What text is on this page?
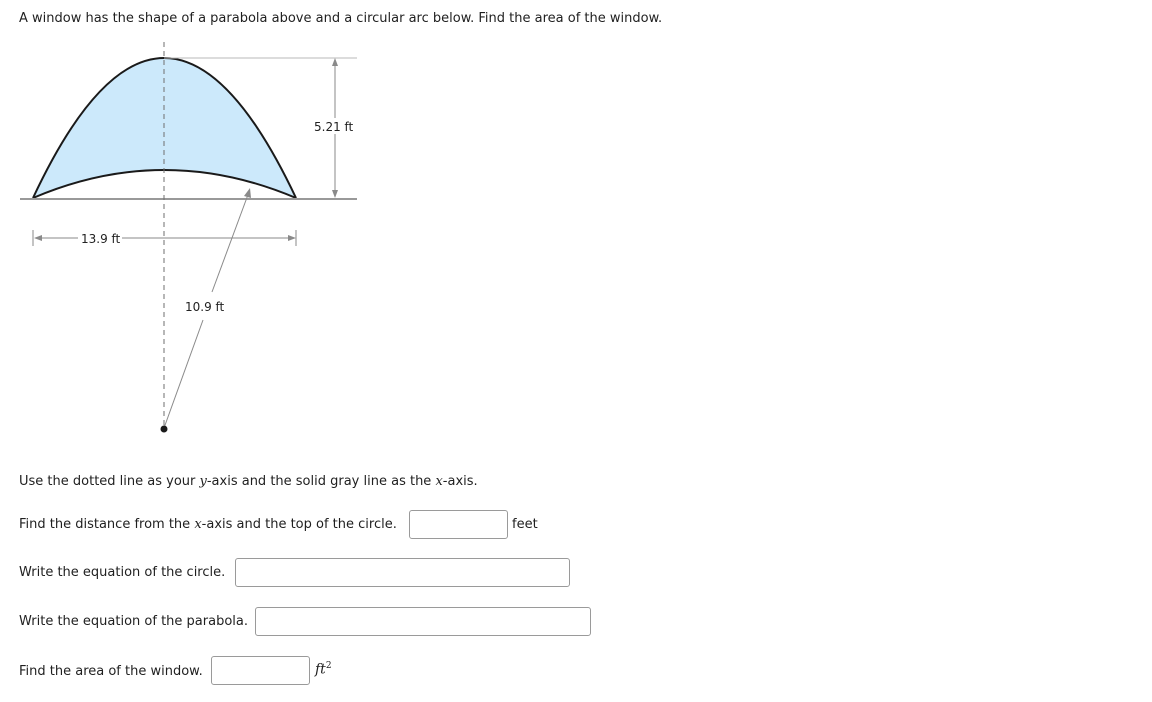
A window has the shape of a parabola above and a circular arc below. Find the area of the window.
5.21 ft
13.9 ft
10.9 ft
Use the dotted line as your y-axis and the solid gray line as the x-axis.
Find the distance from the x-axis and the top of the circle.	feet
Write the equation of the circle.
Write the equation of the parabola.
Find the area of the window.	$ft^2$
